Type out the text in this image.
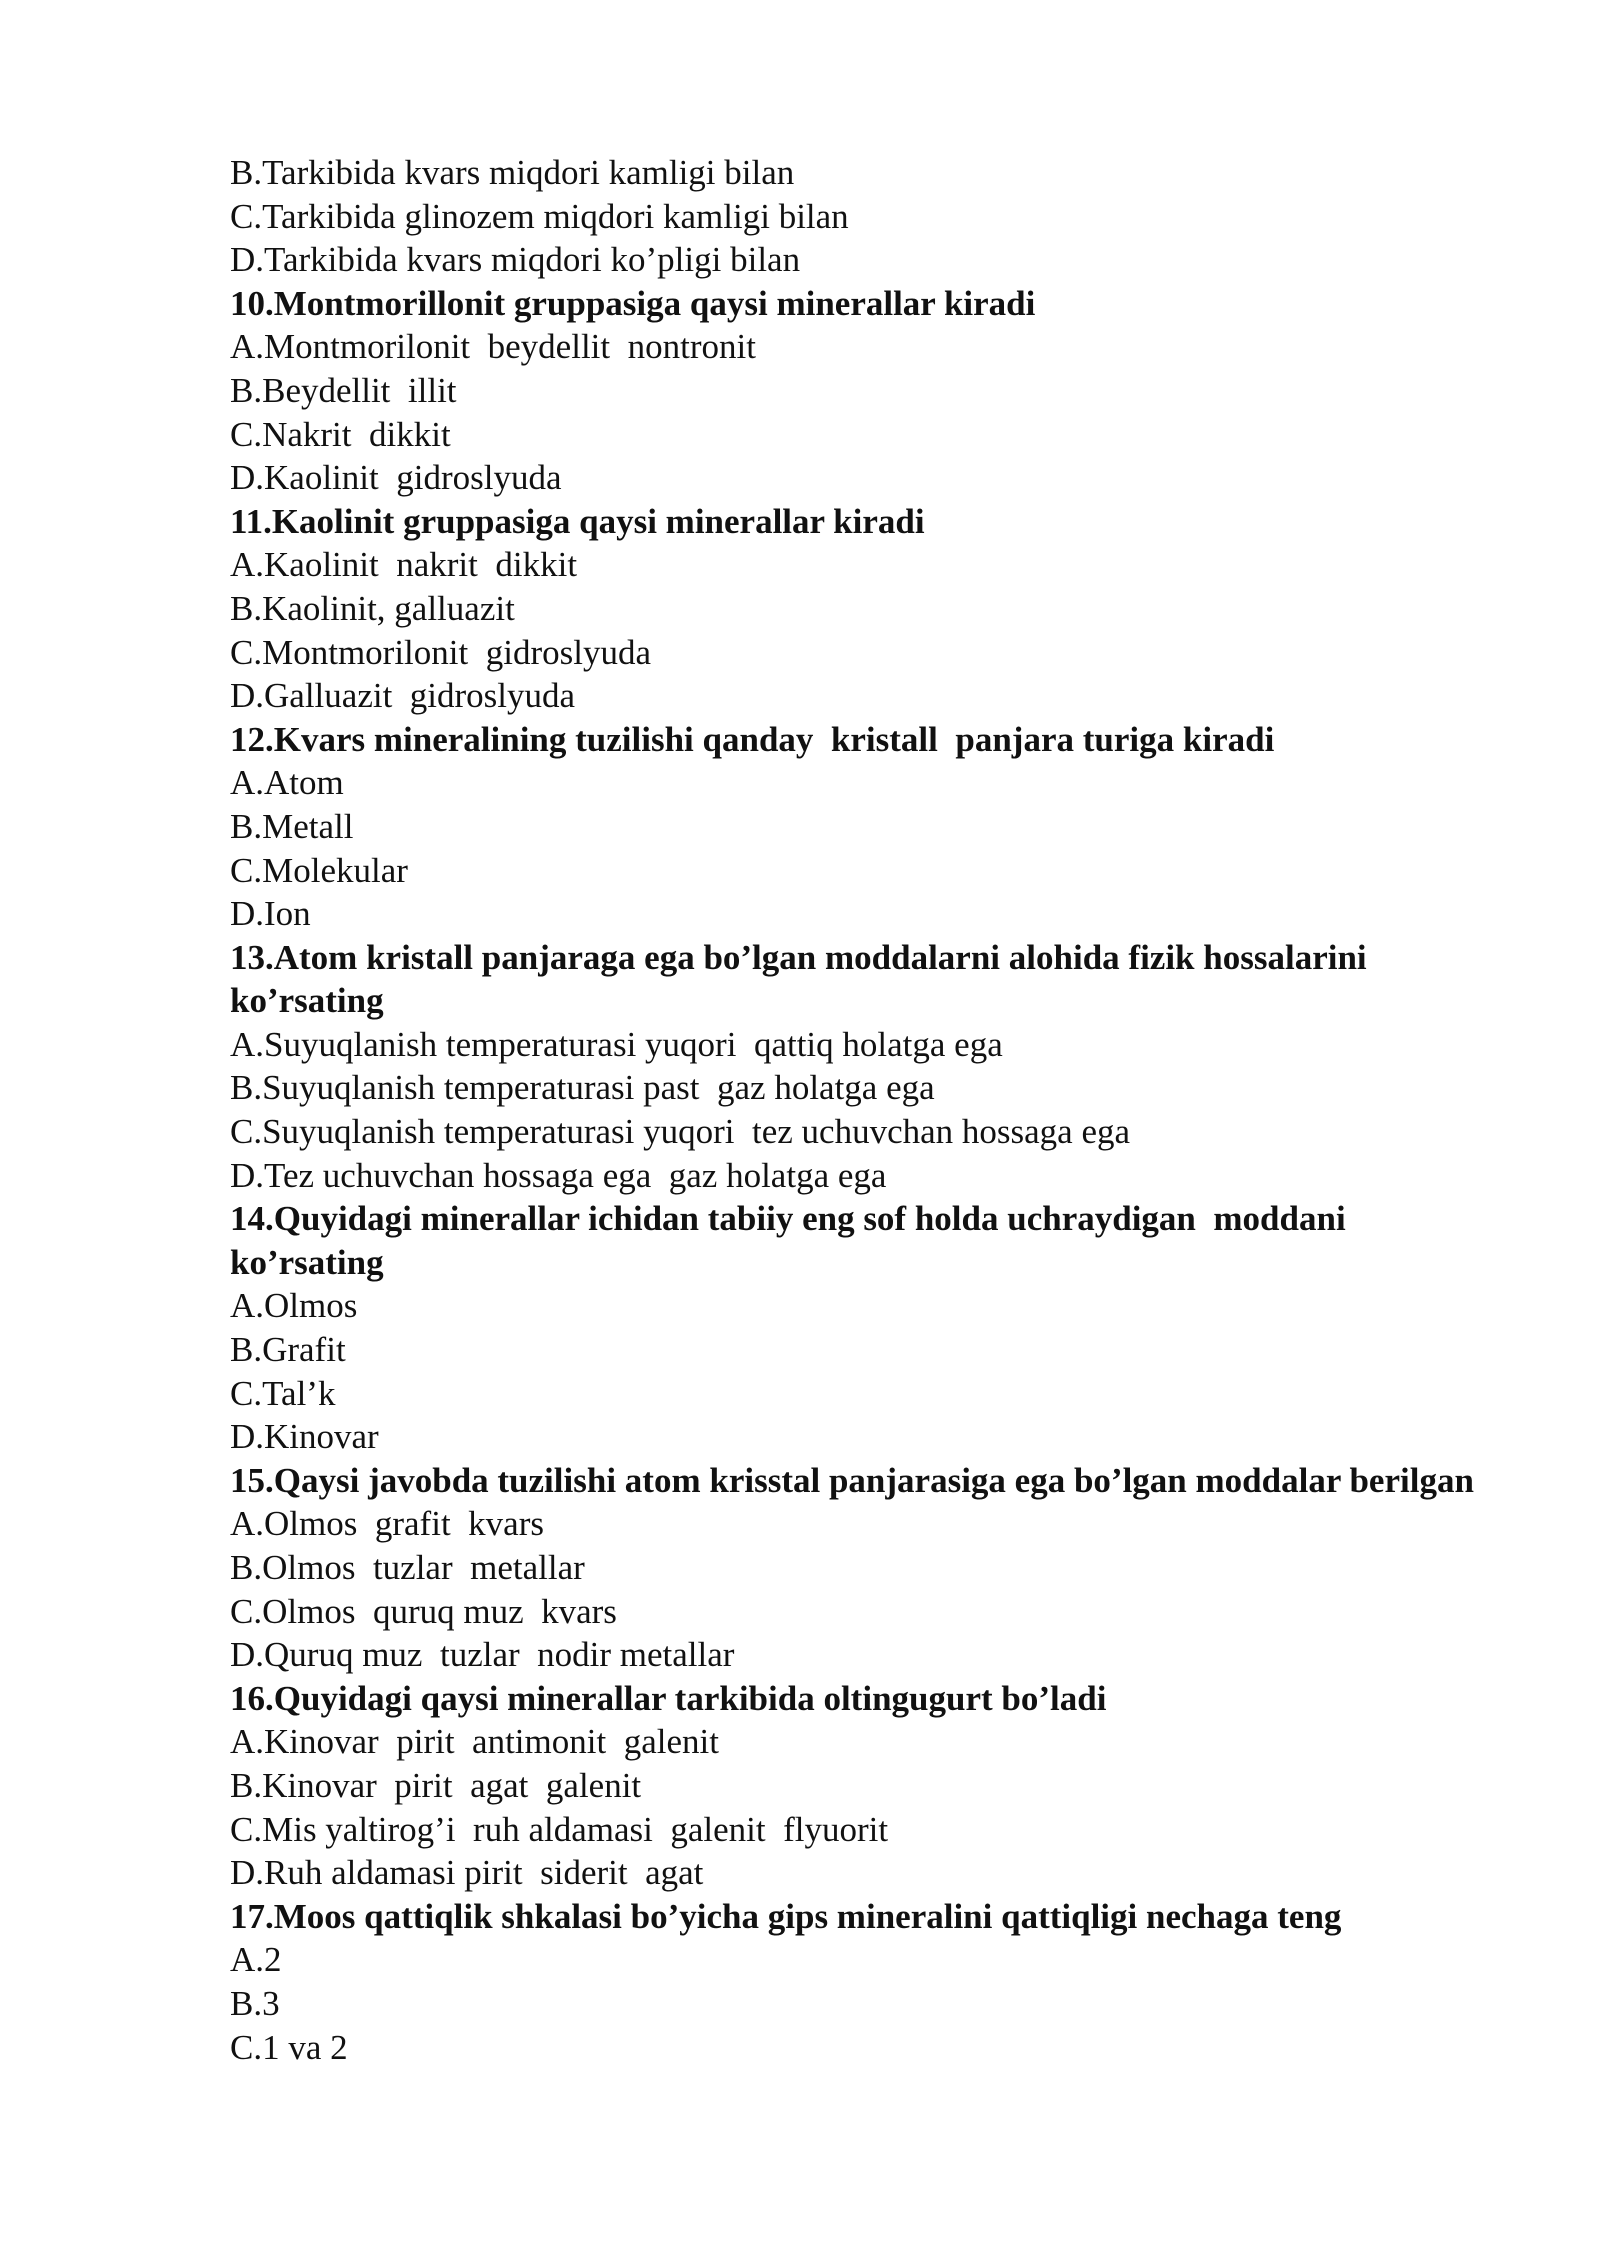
B.Tarkibida kvars miqdori kamligi bilan

C.Tarkibida glinozem miqdori kamligi bilan

D.Tarkibida kvars miqdori ko’pligi bilan

10.Montmorillonit gruppasiga qaysi minerallar kiradi

A.Montmorilonit  beydellit  nontronit

B.Beydellit  illit

C.Nakrit  dikkit

D.Kaolinit  gidroslyuda

11.Kaolinit gruppasiga qaysi minerallar kiradi

A.Kaolinit  nakrit  dikkit

B.Kaolinit, galluazit

C.Montmorilonit  gidroslyuda

D.Galluazit  gidroslyuda

12.Kvars mineralining tuzilishi qanday  kristall  panjara turiga kiradi

A.Atom

B.Metall

C.Molekular

D.Ion

13.Atom kristall panjaraga ega bo’lgan moddalarni alohida fizik hossalarini ko’rsating

A.Suyuqlanish temperaturasi yuqori  qattiq holatga ega

B.Suyuqlanish temperaturasi past  gaz holatga ega

C.Suyuqlanish temperaturasi yuqori  tez uchuvchan hossaga ega

D.Tez uchuvchan hossaga ega  gaz holatga ega

14.Quyidagi minerallar ichidan tabiiy eng sof holda uchraydigan  moddani ko’rsating

A.Olmos

B.Grafit

C.Tal’k

D.Kinovar

15.Qaysi javobda tuzilishi atom krisstal panjarasiga ega bo’lgan moddalar berilgan

A.Olmos  grafit  kvars

B.Olmos  tuzlar  metallar

C.Olmos  quruq muz  kvars

D.Quruq muz  tuzlar  nodir metallar

16.Quyidagi qaysi minerallar tarkibida oltingugurt bo’ladi

A.Kinovar  pirit  antimonit  galenit

B.Kinovar  pirit  agat  galenit

C.Mis yaltirog’i  ruh aldamasi  galenit  flyuorit

D.Ruh aldamasi pirit  siderit  agat

17.Moos qattiqlik shkalasi bo’yicha gips mineralini qattiqligi nechaga teng

A.2

B.3

C.1 va 2
